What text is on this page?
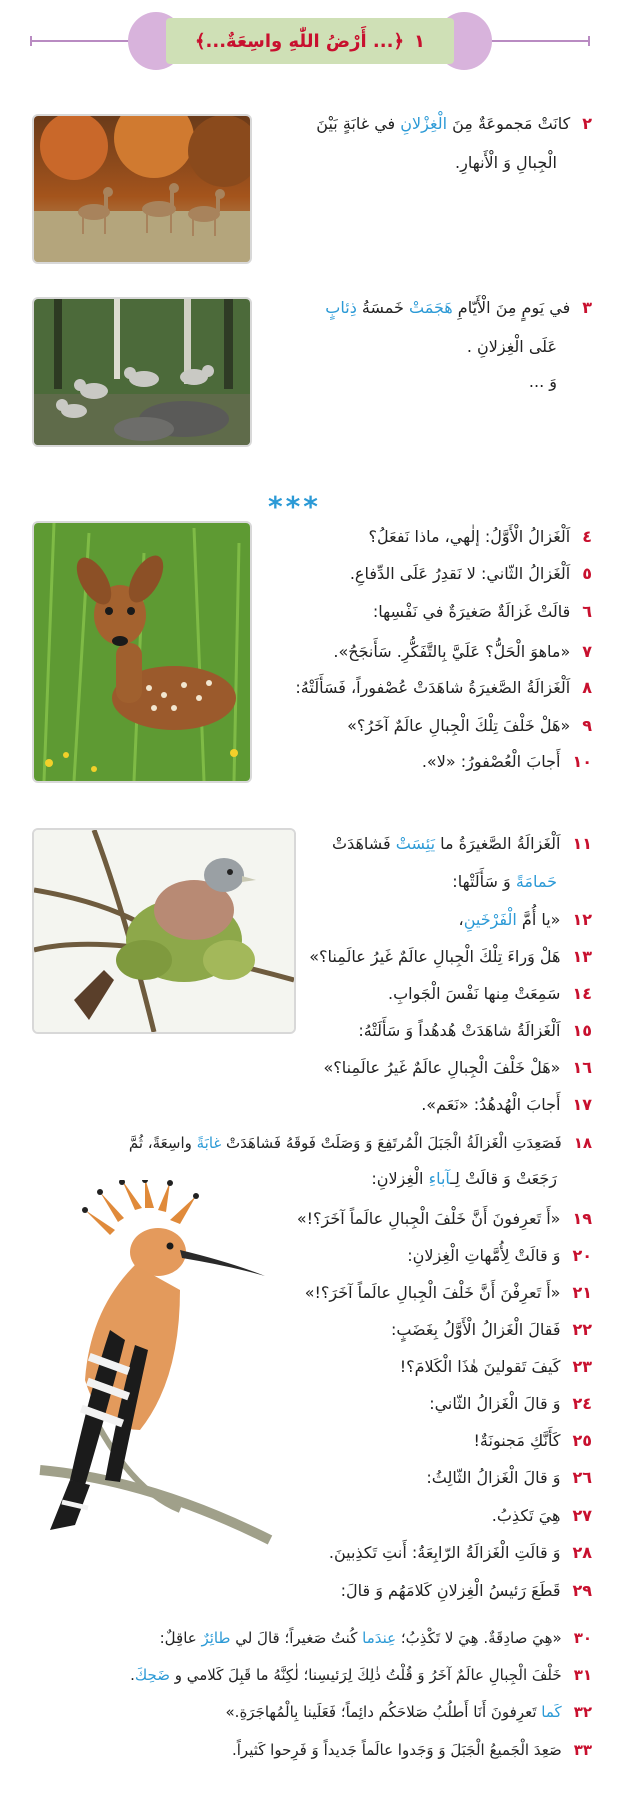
١
﴿... أَرْضُ اللّٰهِ واسِعَةٌ...﴾
***
٢كانَتْ مَجموعَةٌ مِنَ الْغِزْلانِ في غابَةٍ بَيْنَ
الْجِبالِ وَ الْأَنهارِ.
٣في يَومٍ مِنَ الْأَيّامِ هَجَمَتْ خَمسَةُ ذِئابٍ
عَلَى الْغِزلانِ .
وَ ...
٤اَلْغَزالُ الْأَوَّلُ: إلٰهي، ماذا نَفعَلُ؟
٥اَلْغَزالُ الثّاني: لا نَقدِرُ عَلَى الدِّفاعِ.
٦قالَتْ غَزالَةٌ صَغيرَةٌ في نَفْسِها:
٧«ماهوَ الْحَلُّ؟ عَلَيَّ بِالتَّفَكُّرِ. سَأَنجَحُ».
٨اَلْغَزالَةُ الصَّغيرَةُ شاهَدَتْ عُصْفوراً، فَسَأَلَتْهُ:
٩«هَلْ خَلْفَ تِلْكَ الْجِبالِ عالَمٌ آخَرُ؟»
١٠أَجابَ الْعُصْفورُ: «لا».
١١اَلْغَزالَةُ الصَّغيرَةُ ما يَئِسَتْ فَشاهَدَتْ
حَمامَةً وَ سَأَلَتْها:
١٢«يا أُمَّ الْفَرْخَينِ،
١٣هَلْ وَراءَ تِلْكَ الْجِبالِ عالَمٌ غَيرُ عالَمِنا؟»
١٤سَمِعَتْ مِنها نَفْسَ الْجَوابِ.
١٥اَلْغَزالَةُ شاهَدَتْ هُدهُداً وَ سَأَلَتْهُ:
١٦«هَلْ خَلْفَ الْجِبالِ عالَمٌ غَيرُ عالَمِنا؟»
١٧أَجابَ الْهُدهُدُ: «نَعَم».
١٨فَصَعِدَتِ الْغَزالَةُ الْجَبَلَ الْمُرتَفِعَ وَ وَصَلَتْ فَوقَهُ فَشاهَدَتْ غابَةً واسِعَةً، ثُمَّ
رَجَعَتْ وَ قالَتْ لِـآباءِ الْغِزلانِ:
١٩«أَ تَعرِفونَ أَنَّ خَلْفَ الْجِبالِ عالَماً آخَرَ؟!»
٢٠وَ قالَتْ لِأُمَّهاتِ الْغِزلانِ:
٢١«أَ تَعرِفْنَ أَنَّ خَلْفَ الْجِبالِ عالَماً آخَرَ؟!»
٢٢فَقالَ الْغَزالُ الْأَوَّلُ بِغَضَبٍ:
٢٣كَيفَ تَقولينَ هٰذَا الْكَلامَ؟!
٢٤وَ قالَ الْغَزالُ الثّاني:
٢٥كَأَنَّكِ مَجنونَةٌ!
٢٦وَ قالَ الْغَزالُ الثّالِثُ:
٢٧هِيَ تَكذِبُ.
٢٨وَ قالَتِ الْغَزالَةُ الرّابِعَةُ: أَنتِ تَكذِبينَ.
٢٩قَطَعَ رَئيسُ الْغِزلانِ كَلامَهُم وَ قالَ:
٣٠«هِيَ صادِقَةٌ. هِيَ لا تَكْذِبُ؛ عِندَما كُنتُ صَغيراً؛ قالَ لي طائِرٌ عاقِلٌ:
٣١خَلْفَ الْجِبالِ عالَمٌ آخَرُ وَ قُلْتُ ذٰلِكَ لِرَئيسِنا؛ لٰكِنَّهُ ما قَبِلَ كَلامي و ضَحِكَ.
٣٢كَما تَعرِفونَ أَنَا أَطلُبُ صَلاحَكُم دائِماً؛ فَعَلَينا بِالْمُهاجَرَةِ.»
٣٣صَعِدَ الْجَميعُ الْجَبَلَ وَ وَجَدوا عالَماً جَديداً وَ فَرِحوا كَثيراً.
